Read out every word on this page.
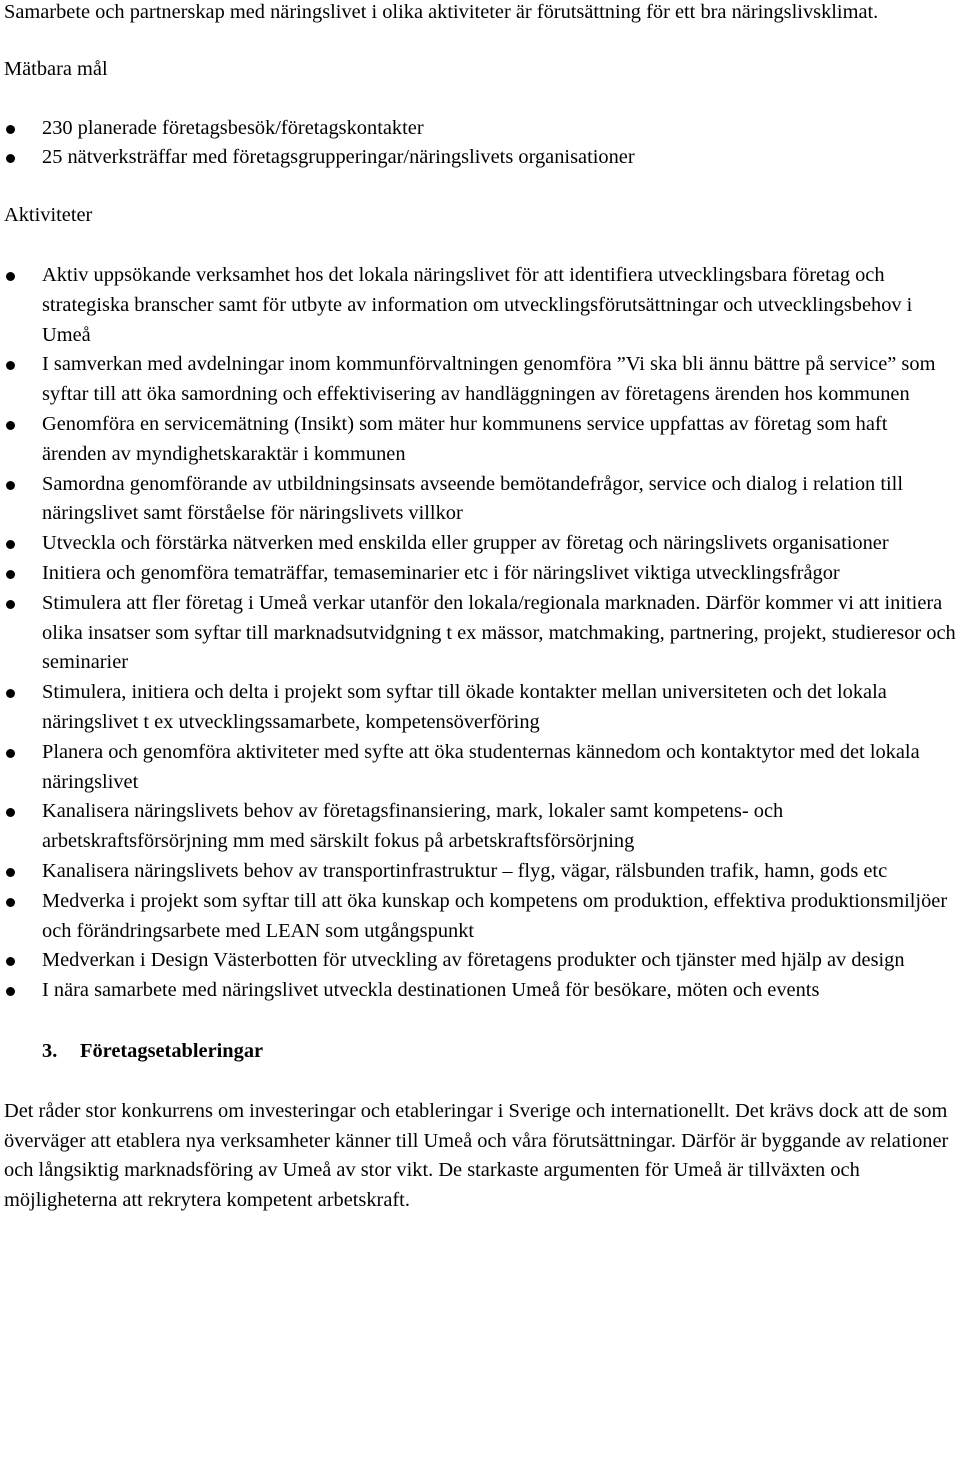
Samarbete och partnerskap med näringslivet i olika aktiviteter är förutsättning för ett bra näringslivsklimat.

Mätbara mål

230 planerade företagsbesök/företagskontakter
25 nätverksträffar med företagsgrupperingar/näringslivets organisationer

Aktiviteter

Aktiv uppsökande verksamhet hos det lokala näringslivet för att identifiera utvecklingsbara företag och strategiska branscher samt för utbyte av information om utvecklingsförutsättningar och utvecklingsbehov i Umeå
I samverkan med avdelningar inom kommunförvaltningen genomföra ”Vi ska bli ännu bättre på service” som syftar till att öka samordning och effektivisering av handläggningen av företagens ärenden hos kommunen
Genomföra en servicemätning (Insikt) som mäter hur kommunens service uppfattas av företag som haft ärenden av myndighetskaraktär i kommunen
Samordna genomförande av utbildningsinsats avseende bemötandefrågor, service och dialog i relation till näringslivet samt förståelse för näringslivets villkor
Utveckla och förstärka nätverken med enskilda eller grupper av företag och näringslivets organisationer
Initiera och genomföra tematräffar, temaseminarier etc i för näringslivet viktiga utvecklingsfrågor
Stimulera att fler företag i Umeå verkar utanför den lokala/regionala marknaden. Därför kommer vi att initiera olika insatser som syftar till marknadsutvidgning t ex mässor, matchmaking, partnering, projekt, studieresor och seminarier
Stimulera, initiera och delta i projekt som syftar till ökade kontakter mellan universiteten och det lokala näringslivet t ex utvecklingssamarbete, kompetensöverföring
Planera och genomföra aktiviteter med syfte att öka studenternas kännedom och kontaktytor med det lokala näringslivet
Kanalisera näringslivets behov av företagsfinansiering, mark, lokaler samt kompetens- och arbetskraftsförsörjning mm med särskilt fokus på arbetskraftsförsörjning
Kanalisera näringslivets behov av transportinfrastruktur – flyg, vägar, rälsbunden trafik, hamn, gods etc
Medverka i projekt som syftar till att öka kunskap och kompetens om produktion, effektiva produktionsmiljöer och förändringsarbete med LEAN som utgångspunkt
Medverkan i Design Västerbotten för utveckling av företagens produkter och tjänster med hjälp av design
I nära samarbete med näringslivet utveckla destinationen Umeå för besökare, möten och events

3. Företagsetableringar

Det råder stor konkurrens om investeringar och etableringar i Sverige och internationellt. Det krävs dock att de som överväger att etablera nya verksamheter känner till Umeå och våra förutsättningar. Därför är byggande av relationer och långsiktig marknadsföring av Umeå av stor vikt. De starkaste argumenten för Umeå är tillväxten och möjligheterna att rekrytera kompetent arbetskraft.
